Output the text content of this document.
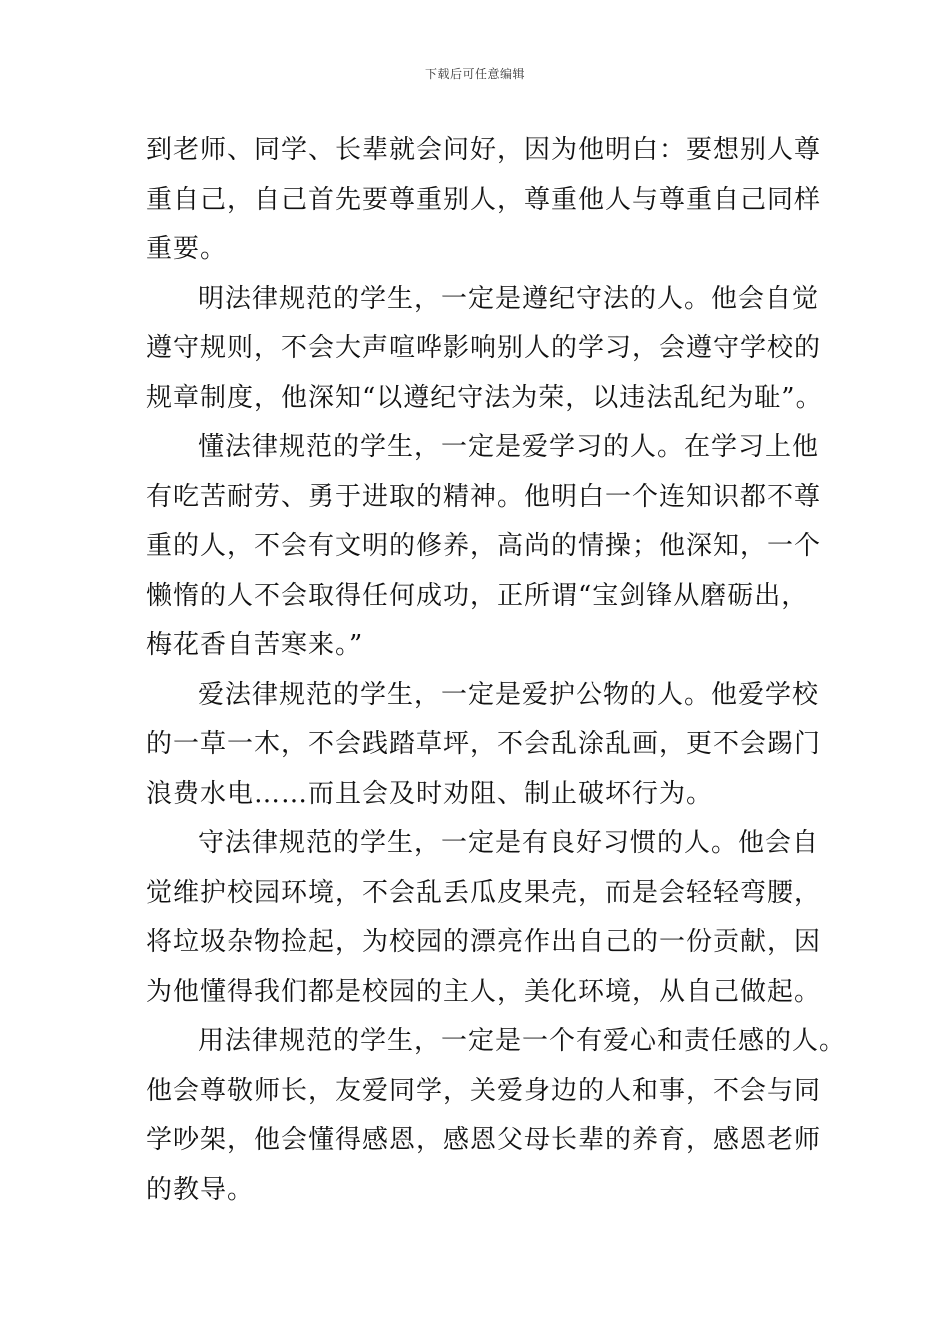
下载后可任意编辑

到老师、同学、长辈就会问好，因为他明白：要想别人尊
重自己，自己首先要尊重别人，尊重他人与尊重自己同样
重要。

明法律规范的学生，一定是遵纪守法的人。他会自觉
遵守规则，不会大声喧哗影响别人的学习，会遵守学校的
规章制度，他深知“以遵纪守法为荣，以违法乱纪为耻”。

懂法律规范的学生，一定是爱学习的人。在学习上他
有吃苦耐劳、勇于进取的精神。他明白一个连知识都不尊
重的人，不会有文明的修养，高尚的情操；他深知，一个
懒惰的人不会取得任何成功，正所谓“宝剑锋从磨砺出，
梅花香自苦寒来。”

爱法律规范的学生，一定是爱护公物的人。他爱学校
的一草一木，不会践踏草坪，不会乱涂乱画，更不会踢门
浪费水电……而且会及时劝阻、制止破坏行为。

守法律规范的学生，一定是有良好习惯的人。他会自
觉维护校园环境，不会乱丢瓜皮果壳，而是会轻轻弯腰，
将垃圾杂物捡起，为校园的漂亮作出自己的一份贡献，因
为他懂得我们都是校园的主人，美化环境，从自己做起。

用法律规范的学生，一定是一个有爱心和责任感的人。
他会尊敬师长，友爱同学，关爱身边的人和事，不会与同
学吵架，他会懂得感恩，感恩父母长辈的养育，感恩老师
的教导。
